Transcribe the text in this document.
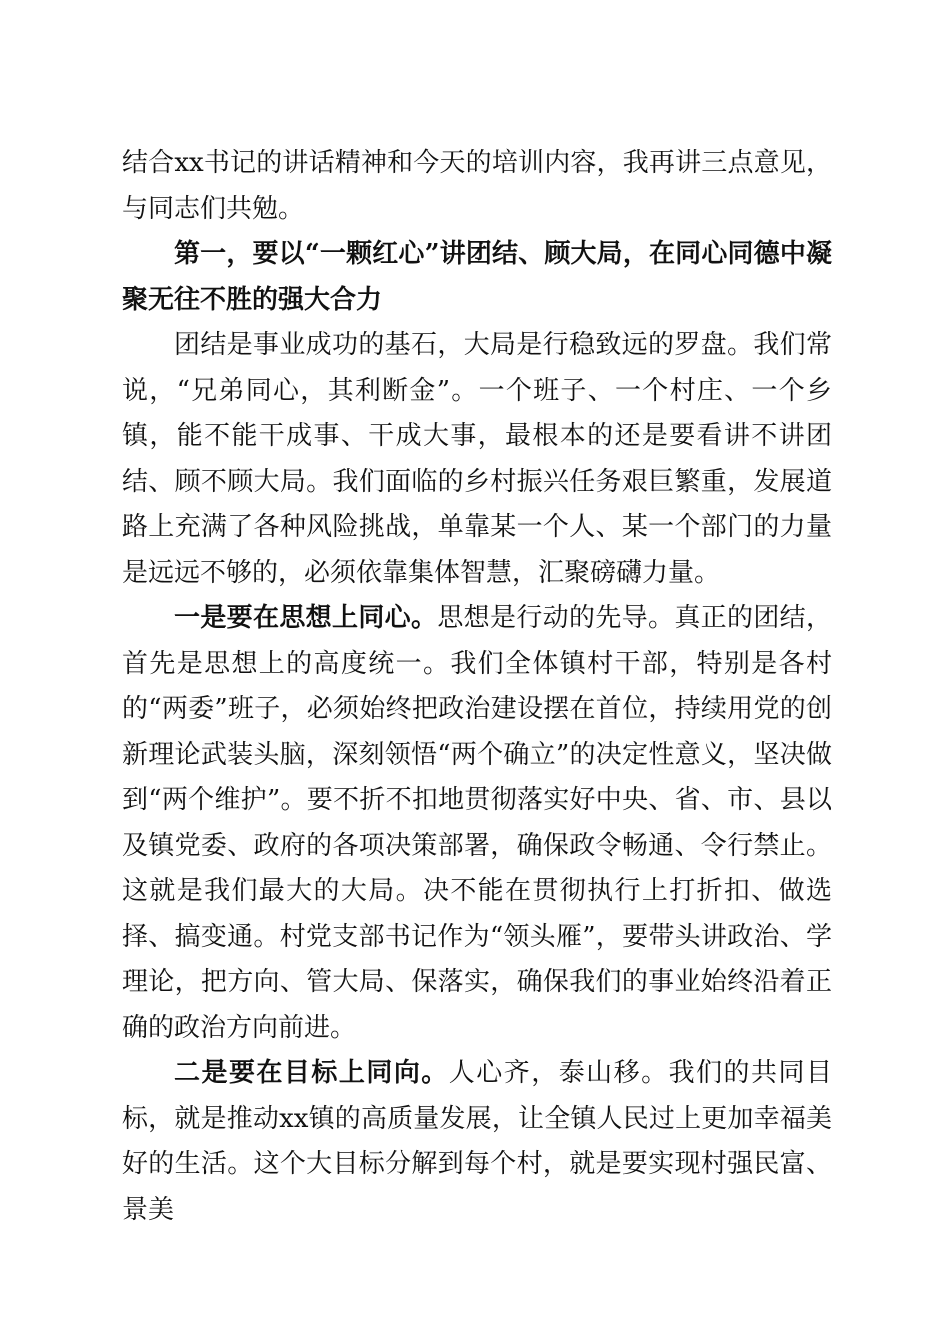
结合xx书记的讲话精神和今天的培训内容，我再讲三点意见，与同志们共勉。

第一，要以“一颗红心”讲团结、顾大局，在同心同德中凝聚无往不胜的强大合力

团结是事业成功的基石，大局是行稳致远的罗盘。我们常说，“兄弟同心，其利断金”。一个班子、一个村庄、一个乡镇，能不能干成事、干成大事，最根本的还是要看讲不讲团结、顾不顾大局。我们面临的乡村振兴任务艰巨繁重，发展道路上充满了各种风险挑战，单靠某一个人、某一个部门的力量是远远不够的，必须依靠集体智慧，汇聚磅礴力量。

一是要在思想上同心。思想是行动的先导。真正的团结，首先是思想上的高度统一。我们全体镇村干部，特别是各村的“两委”班子，必须始终把政治建设摆在首位，持续用党的创新理论武装头脑，深刻领悟“两个确立”的决定性意义，坚决做到“两个维护”。要不折不扣地贯彻落实好中央、省、市、县以及镇党委、政府的各项决策部署，确保政令畅通、令行禁止。这就是我们最大的大局。决不能在贯彻执行上打折扣、做选择、搞变通。村党支部书记作为“领头雁”，要带头讲政治、学理论，把方向、管大局、保落实，确保我们的事业始终沿着正确的政治方向前进。

二是要在目标上同向。人心齐，泰山移。我们的共同目标，就是推动xx镇的高质量发展，让全镇人民过上更加幸福美好的生活。这个大目标分解到每个村，就是要实现村强民富、景美
